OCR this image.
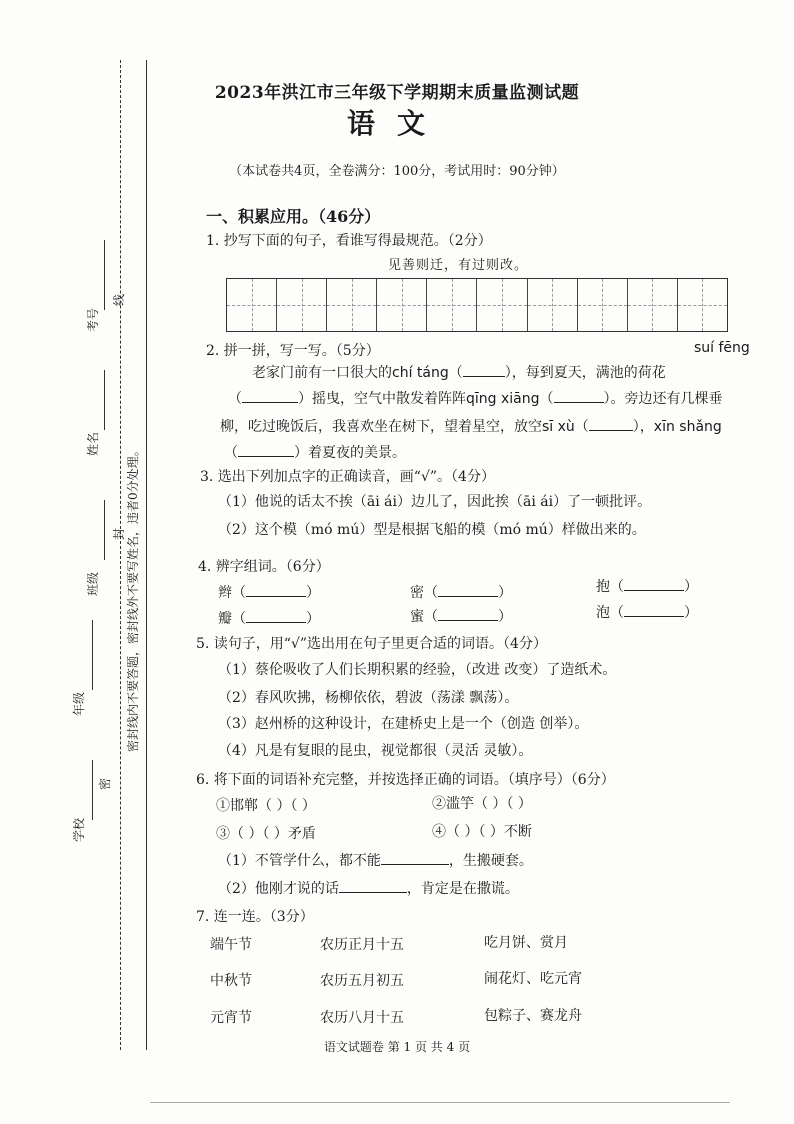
考号
线
姓名
密封线内不要答题，密封线外不要写姓名，违者0分处理。
封
班级
年级
密
学校
2023年洪江市三年级下学期期末质量监测试题
语文
（本试卷共4页，全卷满分：100分，考试用时：90分钟）
一、积累应用。（46分）
1. 抄写下面的句子，看谁写得最规范。（2分）
见善则迁，有过则改。
2. 拼一拼，写一写。（5分）
老家门前有一口很大的chí táng（	），每到夏天，满池的荷花
suí fēng
（	）摇曳，空气中散发着阵阵qīng xiāng（	）。旁边还有几棵垂
柳，吃过晚饭后，我喜欢坐在树下，望着星空，放空sī xù（	），xīn shǎng
（	）着夏夜的美景。
3. 选出下列加点字的正确读音，画“√”。（4分）
（1）他说的话太不挨（āi ái）边儿了，因此挨（āi ái）了一顿批评。
（2）这个模（mó mú）型是根据飞船的模（mó mú）样做出来的。
4. 辨字组词。（6分）
辫（	）	密（	）	抱（	）
瓣（	）	蜜（	）	泡（	）
5. 读句子，用“√”选出用在句子里更合适的词语。（4分）
（1）蔡伦吸收了人们长期积累的经验，（改进 改变）了造纸术。
（2）春风吹拂，杨柳依依，碧波（荡漾 飘荡）。
（3）赵州桥的这种设计，在建桥史上是一个（创造 创举）。
（4）凡是有复眼的昆虫，视觉都很（灵活 灵敏）。
6. 将下面的词语补充完整，并按选择正确的词语。（填序号）（6分）
①邯郸（ ）（ ）	②滥竽（ ）（ ）
③（ ）（ ）矛盾	④（ ）（ ）不断
（1）不管学什么，都不能	，生搬硬套。
（2）他刚才说的话	，肯定是在撒谎。
7. 连一连。（3分）
端午节	农历正月十五	吃月饼、赏月
中秋节	农历五月初五	闹花灯、吃元宵
元宵节	农历八月十五	包粽子、赛龙舟
语文试题卷 第 1 页 共 4 页
